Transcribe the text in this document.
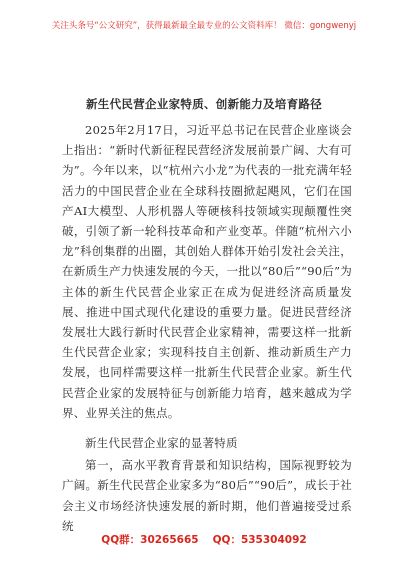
关注头条号“公文研究”，获得最新最全最专业的公文资料库！ 微信：gongwenyj
新生代民营企业家特质、创新能力及培育路径

2025年2月17日，习近平总书记在民营企业座谈会上指出：“新时代新征程民营经济发展前景广阔、大有可为”。今年以来，以“杭州六小龙”为代表的一批充满年轻活力的中国民营企业在全球科技圈掀起飓风，它们在国产AI大模型、人形机器人等硬核科技领域实现颠覆性突破，引领了新一轮科技革命和产业变革。伴随“杭州六小龙”科创集群的出圈，其创始人群体开始引发社会关注，在新质生产力快速发展的今天，一批以“80后”“90后”为主体的新生代民营企业家正在成为促进经济高质量发展、推进中国式现代化建设的重要力量。促进民营经济发展壮大践行新时代民营企业家精神，需要这样一批新生代民营企业家；实现科技自主创新、推动新质生产力发展，也同样需要这样一批新生代民营企业家。新生代民营企业家的发展特征与创新能力培育，越来越成为学界、业界关注的焦点。

新生代民营企业家的显著特质

第一，高水平教育背景和知识结构，国际视野较为广阔。新生代民营企业家多为“80后”“90后”，成长于社会主义市场经济快速发展的新时期，他们普遍接受过系统

QQ群：30265665 QQ：535304092
